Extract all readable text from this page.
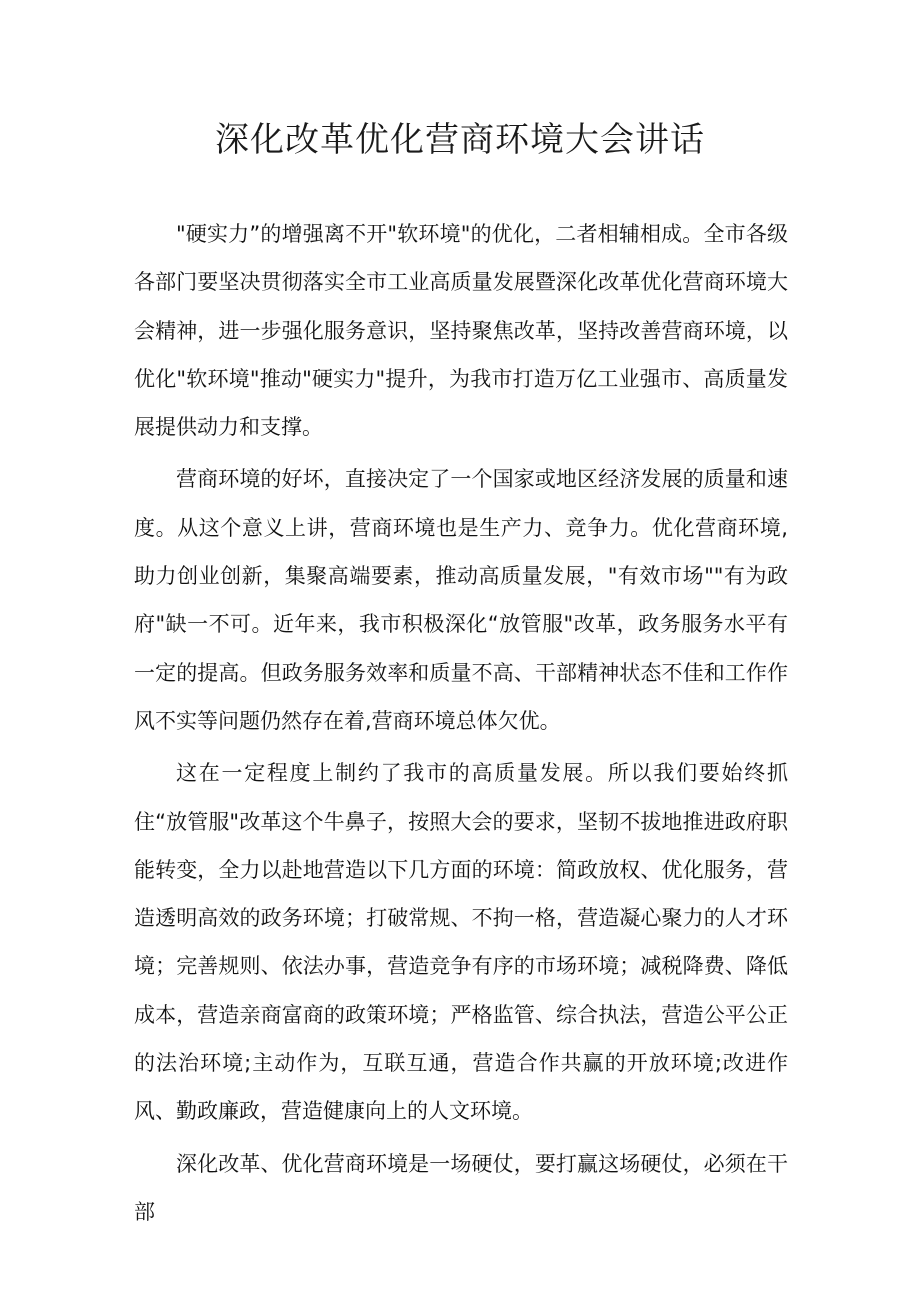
深化改革优化营商环境大会讲话

"硬实力”的增强离不开"软环境"的优化，二者相辅相成。全市各级各部门要坚决贯彻落实全市工业高质量发展暨深化改革优化营商环境大会精神，进一步强化服务意识，坚持聚焦改革，坚持改善营商环境，以优化"软环境"推动"硬实力"提升，为我市打造万亿工业强市、高质量发展提供动力和支撑。

营商环境的好坏，直接决定了一个国家或地区经济发展的质量和速度。从这个意义上讲，营商环境也是生产力、竞争力。优化营商环境,助力创业创新，集聚高端要素，推动高质量发展，"有效市场""有为政府"缺一不可。近年来，我市积极深化“放管服"改革，政务服务水平有一定的提高。但政务服务效率和质量不高、干部精神状态不佳和工作作风不实等问题仍然存在着,营商环境总体欠优。

这在一定程度上制约了我市的高质量发展。所以我们要始终抓住“放管服"改革这个牛鼻子，按照大会的要求，坚韧不拔地推进政府职能转变，全力以赴地营造以下几方面的环境：简政放权、优化服务，营造透明高效的政务环境；打破常规、不拘一格，营造凝心聚力的人才环境；完善规则、依法办事，营造竞争有序的市场环境；减税降费、降低成本，营造亲商富商的政策环境；严格监管、综合执法，营造公平公正的法治环境;主动作为，互联互通，营造合作共赢的开放环境;改进作风、勤政廉政，营造健康向上的人文环境。

深化改革、优化营商环境是一场硬仗，要打赢这场硬仗，必须在干部
